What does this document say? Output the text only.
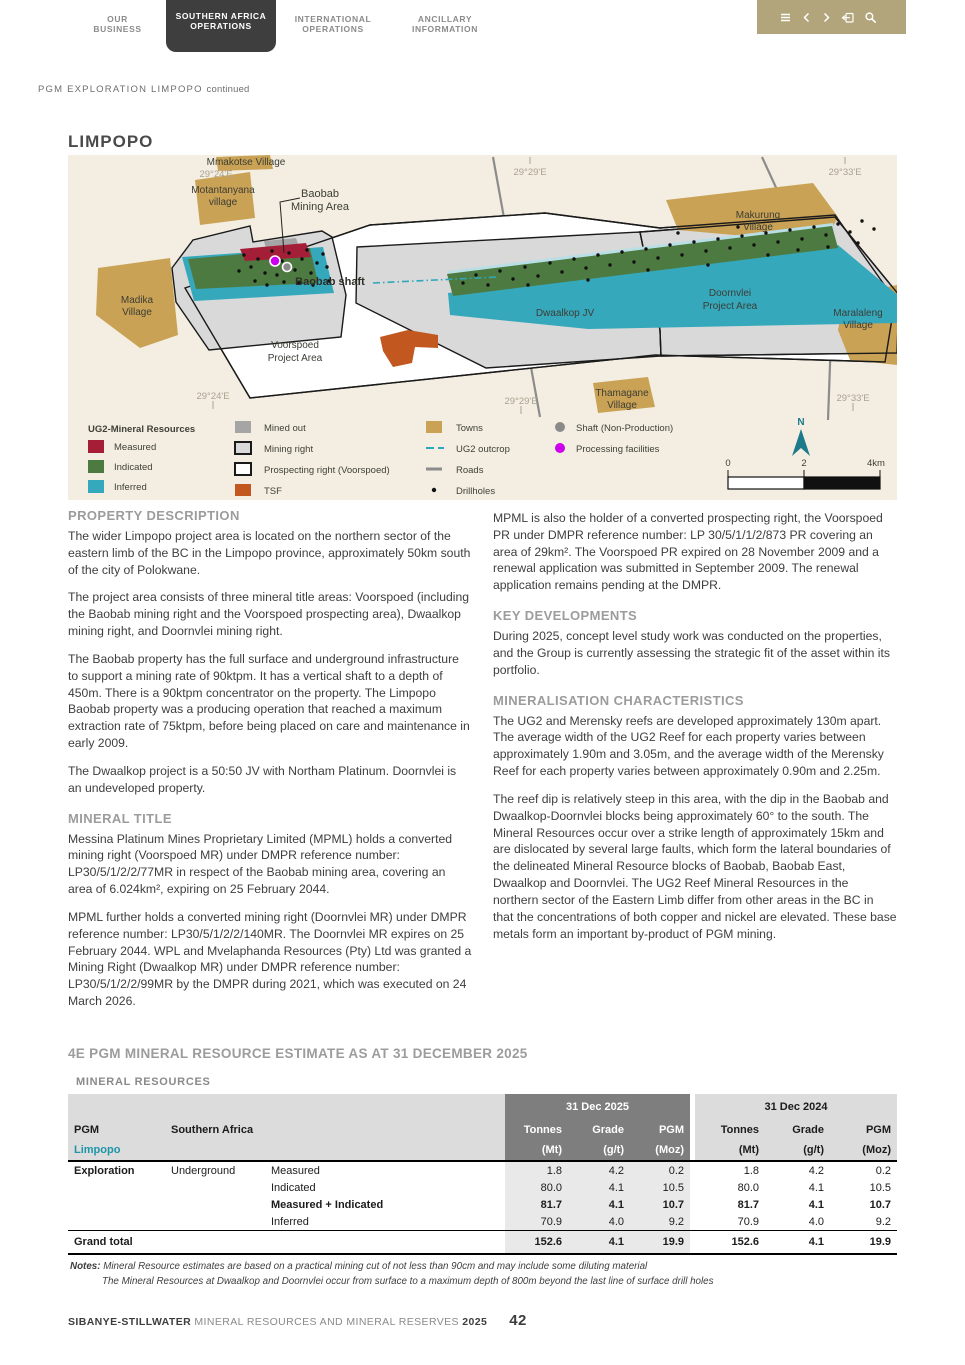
OUR BUSINESS
SOUTHERN AFRICA OPERATIONS
INTERNATIONAL OPERATIONS
ANCILLARY INFORMATION
PGM EXPLORATION LIMPOPO continued
LIMPOPO
Mmakotse Village
29°24'E
Motantanyana
village
Baobab
Mining Area
29°29'E	29°33'E
Makurung
Village
Madika
Village
Baobab shaft
Dwaalkop JV
Doornvlei
Project Area
Maralaleng
Village
Voorspoed
Project Area
Thamagane
Village
29°24'E	29°29'E	29°33'E
UG2-Mineral Resources
Measured
Indicated
Inferred
Mined out
Mining right
Prospecting right (Voorspoed)
TSF
Towns
UG2 outcrop
Roads
Drillholes
Shaft (Non-Production)
Processing facilities
N
0	2	4km
PROPERTY DESCRIPTION

The wider Limpopo project area is located on the northern sector of the eastern limb of the BC in the Limpopo province, approximately 50km south of the city of Polokwane.

The project area consists of three mineral title areas: Voorspoed (including the Baobab mining right and the Voorspoed prospecting area), Dwaalkop mining right, and Doornvlei mining right.

The Baobab property has the full surface and underground infrastructure to support a mining rate of 90ktpm. It has a vertical shaft to a depth of 450m. There is a 90ktpm concentrator on the property. The Limpopo Baobab property was a producing operation that reached a maximum extraction rate of 75ktpm, before being placed on care and maintenance in early 2009.

The Dwaalkop project is a 50:50 JV with Northam Platinum. Doornvlei is an undeveloped property.

MINERAL TITLE

Messina Platinum Mines Proprietary Limited (MPML) holds a converted mining right (Voorspoed MR) under DMPR reference number: LP30/5/1/2/2/77MR in respect of the Baobab mining area, covering an area of 6.024km², expiring on 25 February 2044.

MPML further holds a converted mining right (Doornvlei MR) under DMPR reference number: LP30/5/1/2/2/140MR. The Doornvlei MR expires on 25 February 2044. WPL and Mvelaphanda Resources (Pty) Ltd was granted a Mining Right (Dwaalkop MR) under DMPR reference number: LP30/5/1/2/2/99MR by the DMPR during 2021, which was executed on 24 March 2026.

MPML is also the holder of a converted prospecting right, the Voorspoed PR under DMPR reference number: LP 30/5/1/1/2/873 PR covering an area of 29km². The Voorspoed PR expired on 28 November 2009 and a renewal application was submitted in September 2009. The renewal application remains pending at the DMPR.

KEY DEVELOPMENTS

During 2025, concept level study work was conducted on the properties, and the Group is currently assessing the strategic fit of the asset within its portfolio.

MINERALISATION CHARACTERISTICS

The UG2 and Merensky reefs are developed approximately 130m apart. The average width of the UG2 Reef for each property varies between approximately 1.90m and 3.05m, and the average width of the Merensky Reef for each property varies between approximately 0.90m and 2.25m.

The reef dip is relatively steep in this area, with the dip in the Baobab and Dwaalkop-Doornvlei blocks being approximately 60° to the south. The Mineral Resources occur over a strike length of approximately 15km and are dislocated by several large faults, which form the lateral boundaries of the delineated Mineral Resource blocks of Baobab, Baobab East, Dwaalkop and Doornvlei. The UG2 Reef Mineral Resources in the northern sector of the Eastern Limb differ from other areas in the BC in that the concentrations of both copper and nickel are elevated. These base metals form an important by-product of PGM mining.

4E PGM MINERAL RESOURCE ESTIMATE AS AT 31 DECEMBER 2025
MINERAL RESOURCES
				31 Dec 2025				31 Dec 2024		
PGM	Southern Africa			Tonnes	Grade	PGM		Tonnes	Grade	PGM
Limpopo				(Mt)	(g/t)	(Moz)		(Mt)	(g/t)	(Moz)
Exploration	Underground	Measured		1.8	4.2	0.2		1.8	4.2	0.2
		Indicated		80.0	4.1	10.5		80.0	4.1	10.5
		Measured + Indicated		81.7	4.1	10.7		81.7	4.1	10.7
		Inferred		70.9	4.0	9.2		70.9	4.0	9.2
Grand total				152.6	4.1	19.9		152.6	4.1	19.9
Notes: Mineral Resource estimates are based on a practical mining cut of not less than 90cm and may include some diluting material
The Mineral Resources at Dwaalkop and Doornvlei occur from surface to a maximum depth of 800m beyond the last line of surface drill holes
SIBANYE-STILLWATER MINERAL RESOURCES AND MINERAL RESERVES 2025 42
